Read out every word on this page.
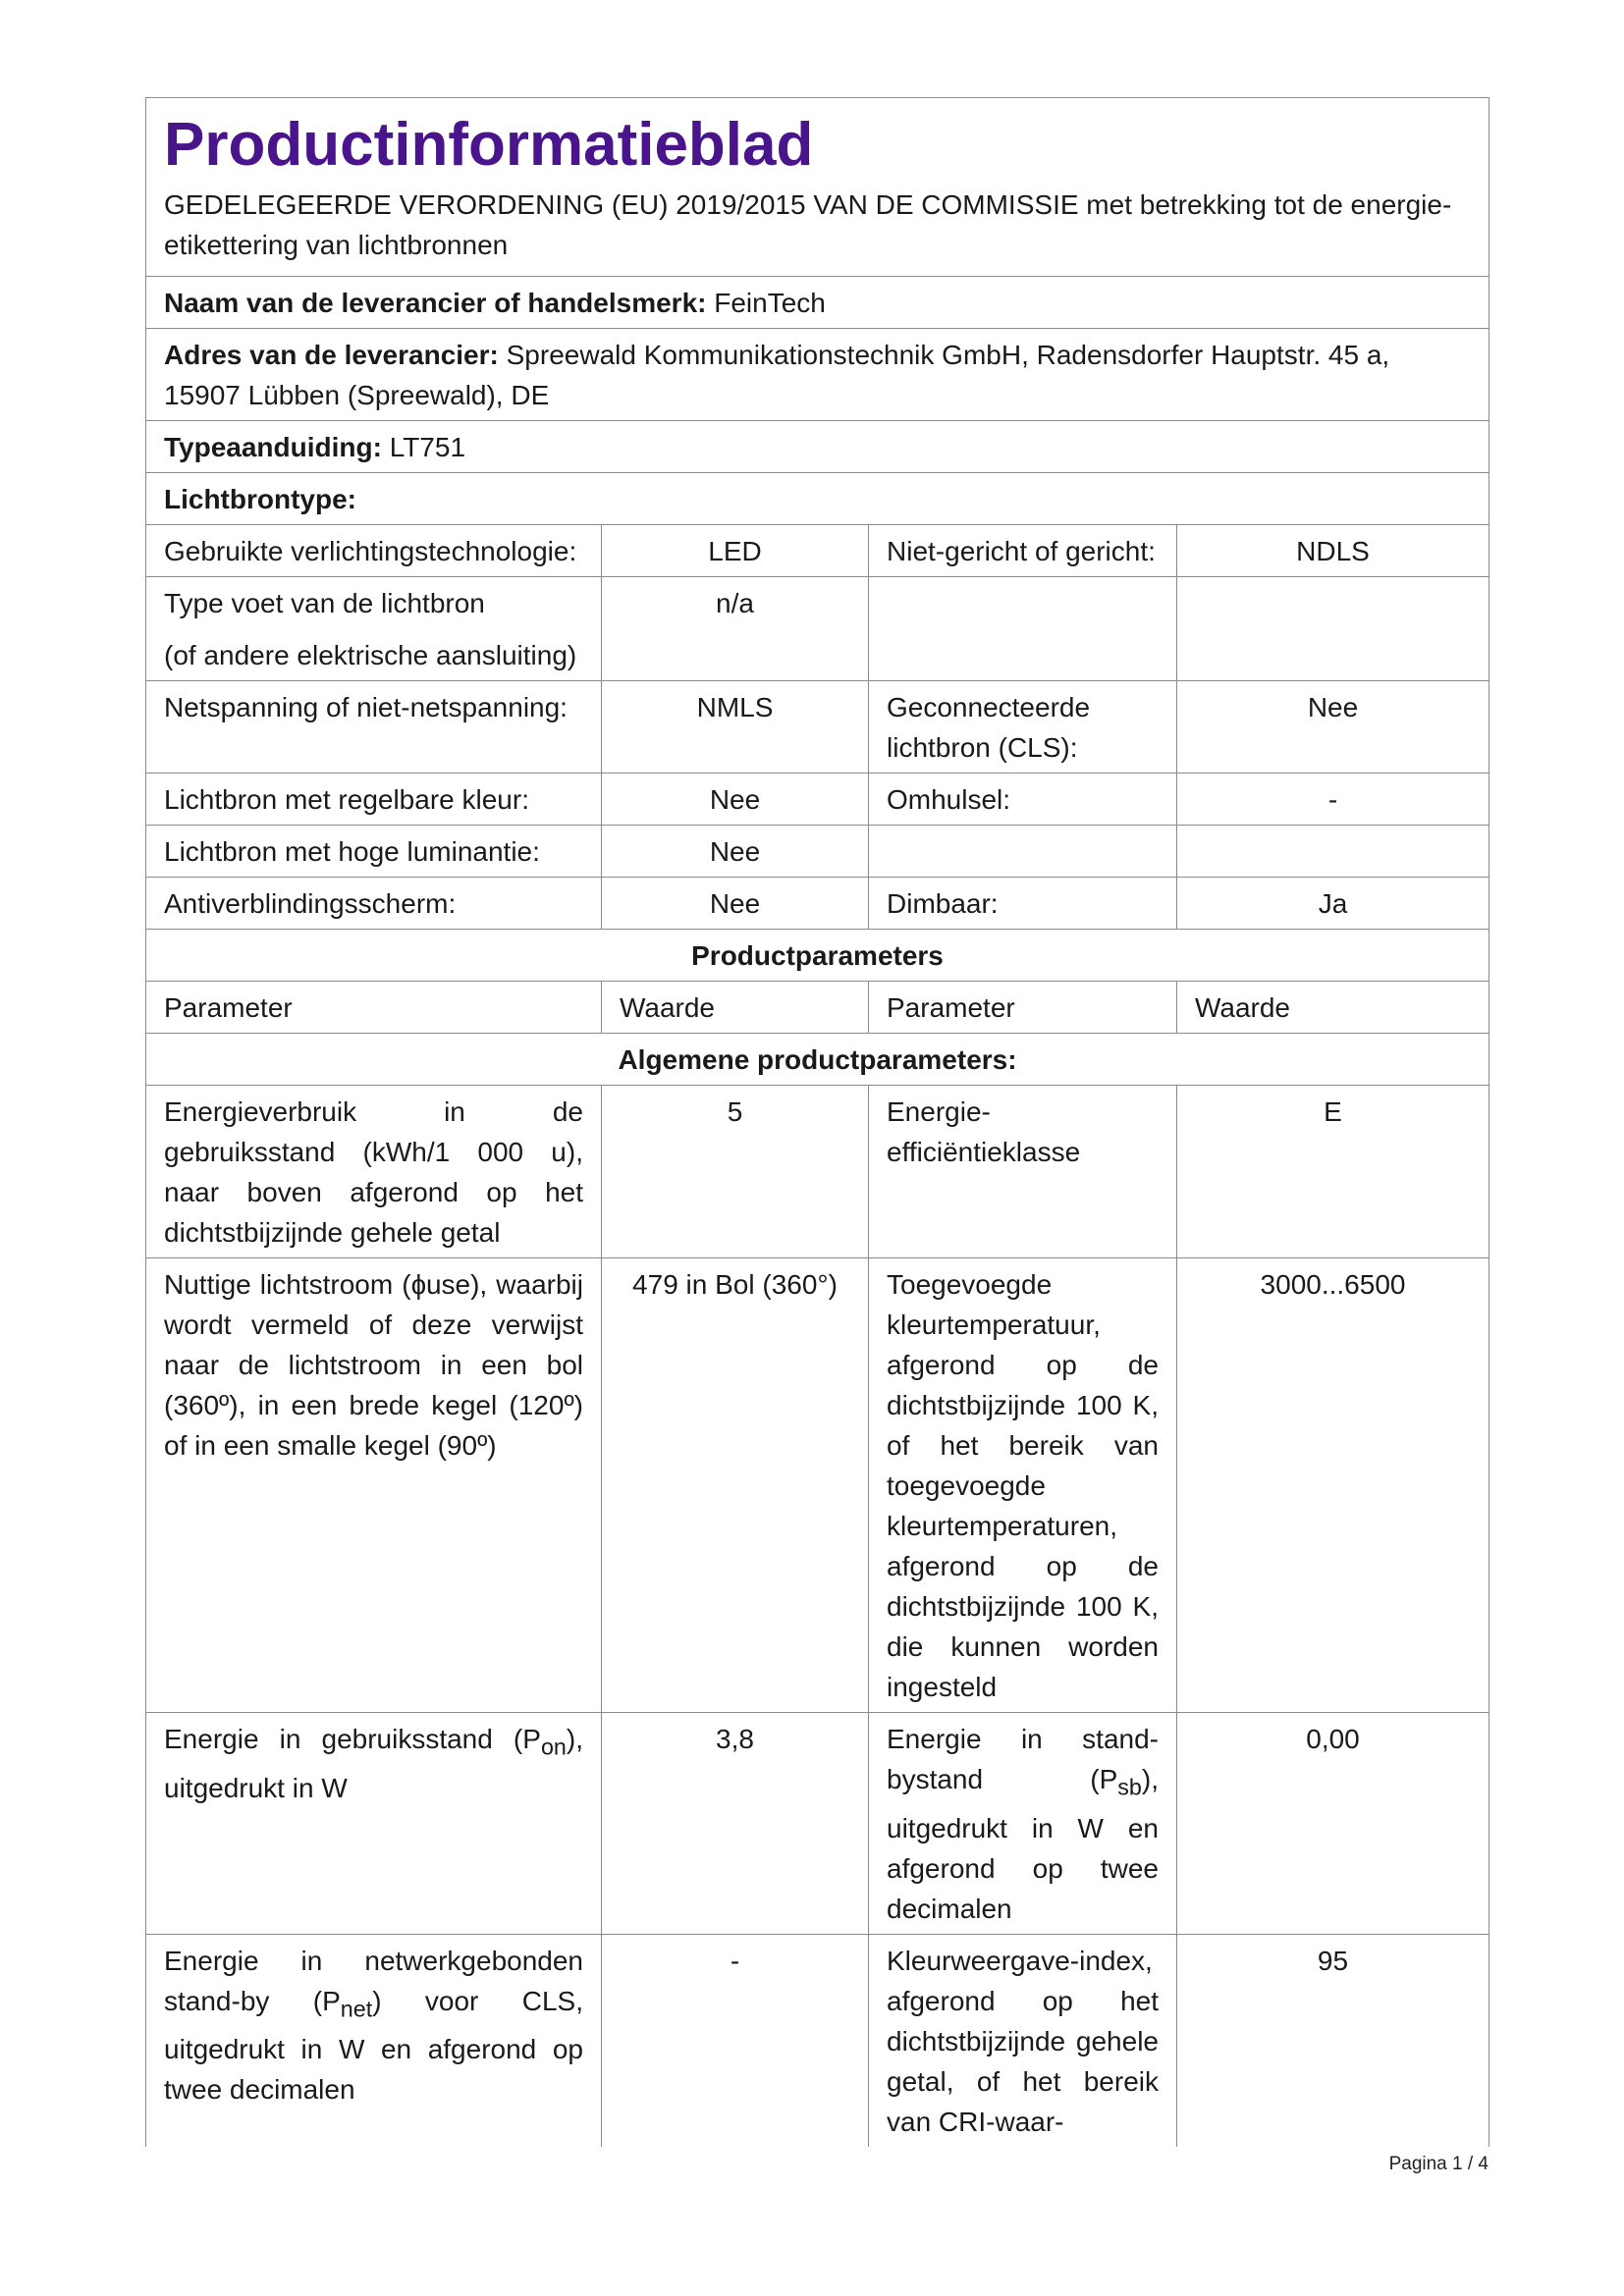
Productinformatieblad
GEDELEGEERDE VERORDENING (EU) 2019/2015 VAN DE COMMISSIE met betrekking tot de energie-etikettering van lichtbronnen			

Naam van de leverancier of handelsmerk: FeinTech			
Adres van de leverancier: Spreewald Kommunikationstechnik GmbH, Radensdorfer Hauptstr. 45 a, 15907 Lübben (Spreewald), DE			
Typeaanduiding: LT751			
Lichtbrontype:			
Gebruikte verlichtingstechnologie:	LED	Niet-gericht of gericht:	NDLS

Type voet van de lichtbron
(of andere elektrische aansluiting)	n/a		
Netspanning of niet-netspanning:	NMLS	Geconnecteerde lichtbron (CLS):	Nee
Lichtbron met regelbare kleur:	Nee	Omhulsel:	-
Lichtbron met hoge luminantie:	Nee		
Antiverblindingsscherm:	Nee	Dimbaar:	Ja
Productparameters			
Parameter	Waarde	Parameter	Waarde
Algemene productparameters:			
Energieverbruik in de gebruiksstand (kWh/1 000 u), naar boven afgerond op het dichtstbijzijnde gehele getal	5	Energie-efficiëntieklasse	E
Nuttige lichtstroom (ɸuse), waarbij wordt vermeld of deze verwijst naar de lichtstroom in een bol (360º), in een brede kegel (120º) of in een smalle kegel (90º)	479 in Bol (360°)	Toegevoegde kleurtemperatuur, afgerond op de dichtstbijzijnde 100 K, of het bereik van toegevoegde kleurtemperaturen, afgerond op de dichtstbijzijnde 100 K, die kunnen worden ingesteld	3000...6500
Energie in gebruiksstand $(P_{on})$, uitgedrukt in W	3,8	Energie in stand-bystand $(P_{sb})$, uitgedrukt in W en afgerond op twee decimalen	0,00
Energie in netwerkgebonden stand-by $(P_{net})$ voor CLS, uitgedrukt in W en afgerond op twee decimalen	-	Kleurweergave-index, afgerond op het dichtstbijzijnde gehele getal, of het bereik van CRI-waar-	95
Pagina 1 / 4
